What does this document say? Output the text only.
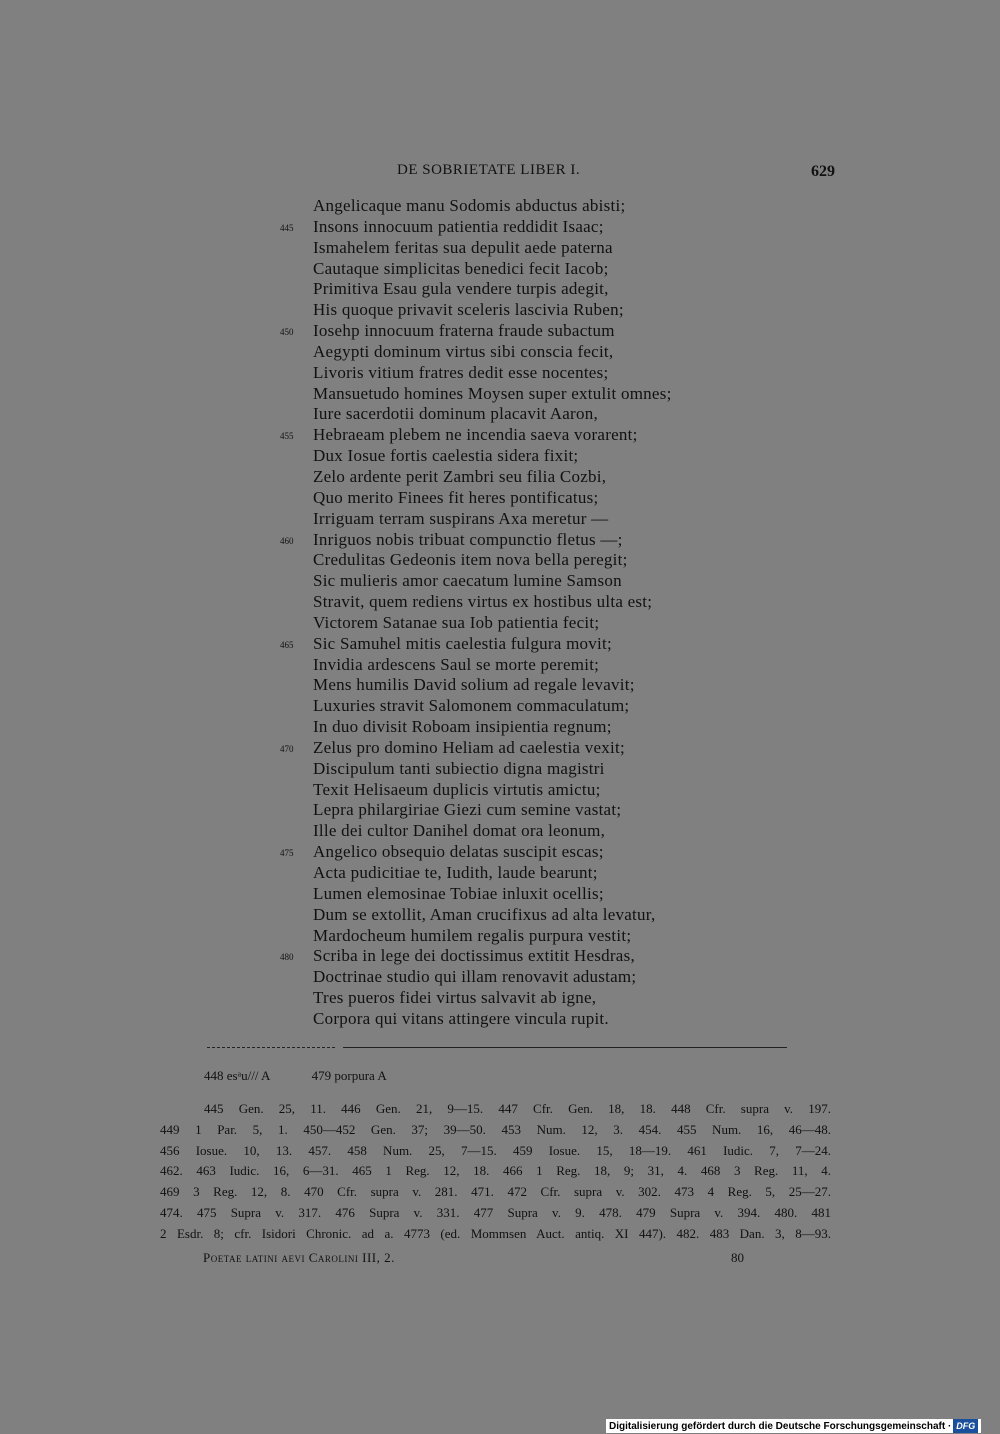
DE SOBRIETATE LIBER I.	629
Angelicaque manu Sodomis abductus abisti;
445	Insons innocuum patientia reddidit Isaac;
Ismahelem feritas sua depulit aede paterna
Cautaque simplicitas benedici fecit Iacob;
Primitiva Esau gula vendere turpis adegit,
His quoque privavit sceleris lascivia Ruben;
450	Iosehp innocuum fraterna fraude subactum
Aegypti dominum virtus sibi conscia fecit,
Livoris vitium fratres dedit esse nocentes;
Mansuetudo homines Moysen super extulit omnes;
Iure sacerdotii dominum placavit Aaron,
455	Hebraeam plebem ne incendia saeva vorarent;
Dux Iosue fortis caelestia sidera fixit;
Zelo ardente perit Zambri seu filia Cozbi,
Quo merito Finees fit heres pontificatus;
Irriguam terram suspirans Axa meretur —
460	Inriguos nobis tribuat compunctio fletus —;
Credulitas Gedeonis item nova bella peregit;
Sic mulieris amor caecatum lumine Samson
Stravit, quem rediens virtus ex hostibus ulta est;
Victorem Satanae sua Iob patientia fecit;
465	Sic Samuhel mitis caelestia fulgura movit;
Invidia ardescens Saul se morte peremit;
Mens humilis David solium ad regale levavit;
Luxuries stravit Salomonem commaculatum;
In duo divisit Roboam insipientia regnum;
470	Zelus pro domino Heliam ad caelestia vexit;
Discipulum tanti subiectio digna magistri
Texit Helisaeum duplicis virtutis amictu;
Lepra philargiriae Giezi cum semine vastat;
Ille dei cultor Danihel domat ora leonum,
475	Angelico obsequio delatas suscipit escas;
Acta pudicitiae te, Iudith, laude bearunt;
Lumen elemosinae Tobiae inluxit ocellis;
Dum se extollit, Aman crucifixus ad alta levatur,
Mardocheum humilem regalis purpura vestit;
480	Scriba in lege dei doctissimus extitit Hesdras,
Doctrinae studio qui illam renovavit adustam;
Tres pueros fidei virtus salvavit ab igne,
Corpora qui vitans attingere vincula rupit.
448 esᵃu/// A	479 porpura A
445 Gen. 25, 11. 446 Gen. 21, 9—15. 447 Cfr. Gen. 18, 18. 448 Cfr. supra v. 197.
449 1 Par. 5, 1. 450—452 Gen. 37; 39—50. 453 Num. 12, 3. 454. 455 Num. 16, 46—48.
456 Iosue. 10, 13. 457. 458 Num. 25, 7—15. 459 Iosue. 15, 18—19. 461 Iudic. 7, 7—24.
462. 463 Iudic. 16, 6—31. 465 1 Reg. 12, 18. 466 1 Reg. 18, 9; 31, 4. 468 3 Reg. 11, 4.
469 3 Reg. 12, 8. 470 Cfr. supra v. 281. 471. 472 Cfr. supra v. 302. 473 4 Reg. 5, 25—27.
474. 475 Supra v. 317. 476 Supra v. 331. 477 Supra v. 9. 478. 479 Supra v. 394. 480. 481
2 Esdr. 8; cfr. Isidori Chronic. ad a. 4773 (ed. Mommsen Auct. antiq. XI 447). 482. 483 Dan. 3, 8—93.
Poetae latini aevi Carolini III, 2.	80
Digitalisierung gefördert durch die Deutsche Forschungsgemeinschaft · DFG
